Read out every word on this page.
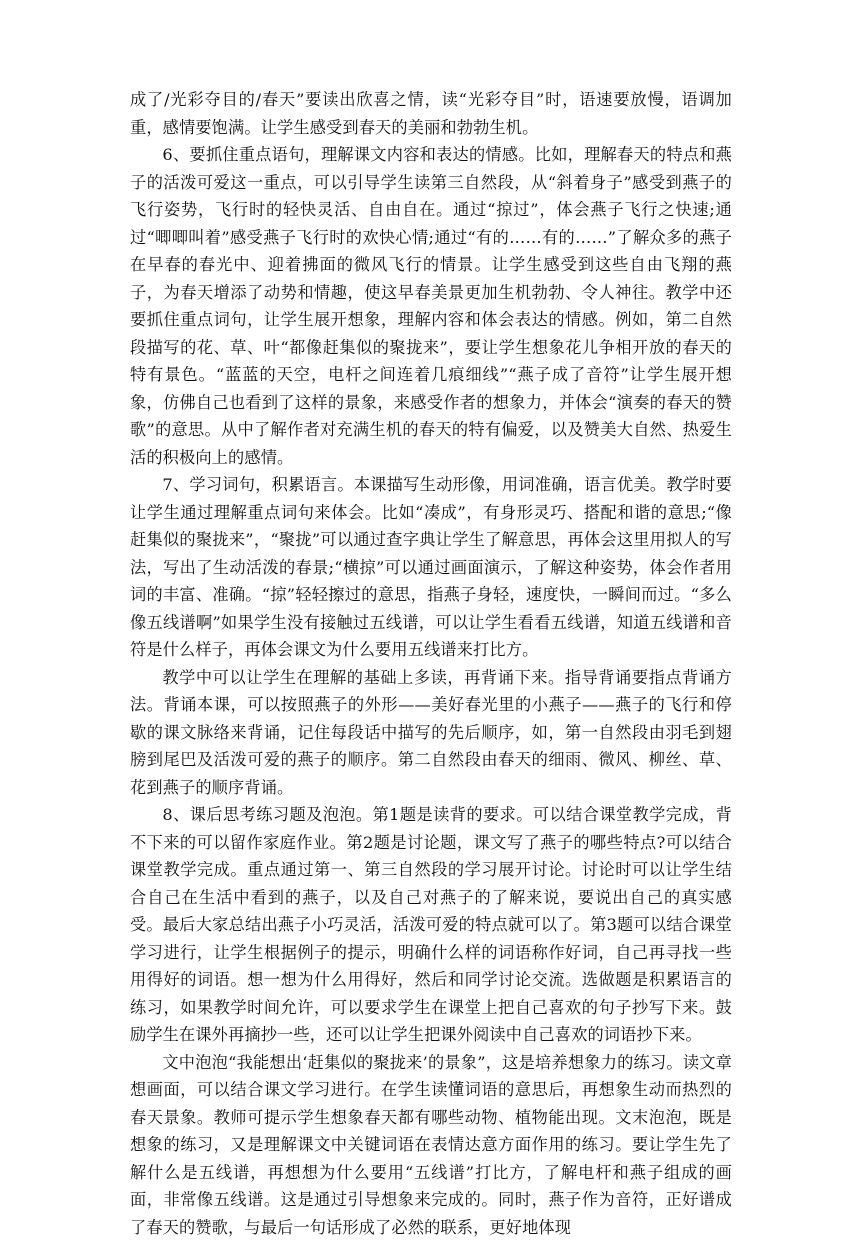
成了/光彩夺目的/春天”要读出欣喜之情，读“光彩夺目”时，语速要放慢，语调加重，感情要饱满。让学生感受到春天的美丽和勃勃生机。

6、要抓住重点语句，理解课文内容和表达的情感。比如，理解春天的特点和燕子的活泼可爱这一重点，可以引导学生读第三自然段，从“斜着身子”感受到燕子的飞行姿势，飞行时的轻快灵活、自由自在。通过“掠过”，体会燕子飞行之快速;通过“唧唧叫着”感受燕子飞行时的欢快心情;通过“有的……有的……”了解众多的燕子在早春的春光中、迎着拂面的微风飞行的情景。让学生感受到这些自由飞翔的燕子，为春天增添了动势和情趣，使这早春美景更加生机勃勃、令人神往。教学中还要抓住重点词句，让学生展开想象，理解内容和体会表达的情感。例如，第二自然段描写的花、草、叶“都像赶集似的聚拢来”，要让学生想象花儿争相开放的春天的特有景色。“蓝蓝的天空，电杆之间连着几痕细线”“燕子成了音符”让学生展开想象，仿佛自己也看到了这样的景象，来感受作者的想象力，并体会“演奏的春天的赞歌”的意思。从中了解作者对充满生机的春天的特有偏爱，以及赞美大自然、热爱生活的积极向上的感情。

7、学习词句，积累语言。本课描写生动形像，用词准确，语言优美。教学时要让学生通过理解重点词句来体会。比如“凑成”，有身形灵巧、搭配和谐的意思;“像赶集似的聚拢来”，“聚拢”可以通过查字典让学生了解意思，再体会这里用拟人的写法，写出了生动活泼的春景;“横掠”可以通过画面演示，了解这种姿势，体会作者用词的丰富、准确。“掠”轻轻擦过的意思，指燕子身轻，速度快，一瞬间而过。“多么像五线谱啊”如果学生没有接触过五线谱，可以让学生看看五线谱，知道五线谱和音符是什么样子，再体会课文为什么要用五线谱来打比方。

教学中可以让学生在理解的基础上多读，再背诵下来。指导背诵要指点背诵方法。背诵本课，可以按照燕子的外形——美好春光里的小燕子——燕子的飞行和停歇的课文脉络来背诵，记住每段话中描写的先后顺序，如，第一自然段由羽毛到翅膀到尾巴及活泼可爱的燕子的顺序。第二自然段由春天的细雨、微风、柳丝、草、花到燕子的顺序背诵。

8、课后思考练习题及泡泡。第1题是读背的要求。可以结合课堂教学完成，背不下来的可以留作家庭作业。第2题是讨论题，课文写了燕子的哪些特点?可以结合课堂教学完成。重点通过第一、第三自然段的学习展开讨论。讨论时可以让学生结合自己在生活中看到的燕子，以及自己对燕子的了解来说，要说出自己的真实感受。最后大家总结出燕子小巧灵活，活泼可爱的特点就可以了。第3题可以结合课堂学习进行，让学生根据例子的提示，明确什么样的词语称作好词，自己再寻找一些用得好的词语。想一想为什么用得好，然后和同学讨论交流。选做题是积累语言的练习，如果教学时间允许，可以要求学生在课堂上把自己喜欢的句子抄写下来。鼓励学生在课外再摘抄一些，还可以让学生把课外阅读中自己喜欢的词语抄下来。

文中泡泡“我能想出‘赶集似的聚拢来’的景象”，这是培养想象力的练习。读文章想画面，可以结合课文学习进行。在学生读懂词语的意思后，再想象生动而热烈的春天景象。教师可提示学生想象春天都有哪些动物、植物能出现。文末泡泡，既是想象的练习，又是理解课文中关键词语在表情达意方面作用的练习。要让学生先了解什么是五线谱，再想想为什么要用“五线谱”打比方，了解电杆和燕子组成的画面，非常像五线谱。这是通过引导想象来完成的。同时，燕子作为音符，正好谱成了春天的赞歌，与最后一句话形成了必然的联系，更好地体现
